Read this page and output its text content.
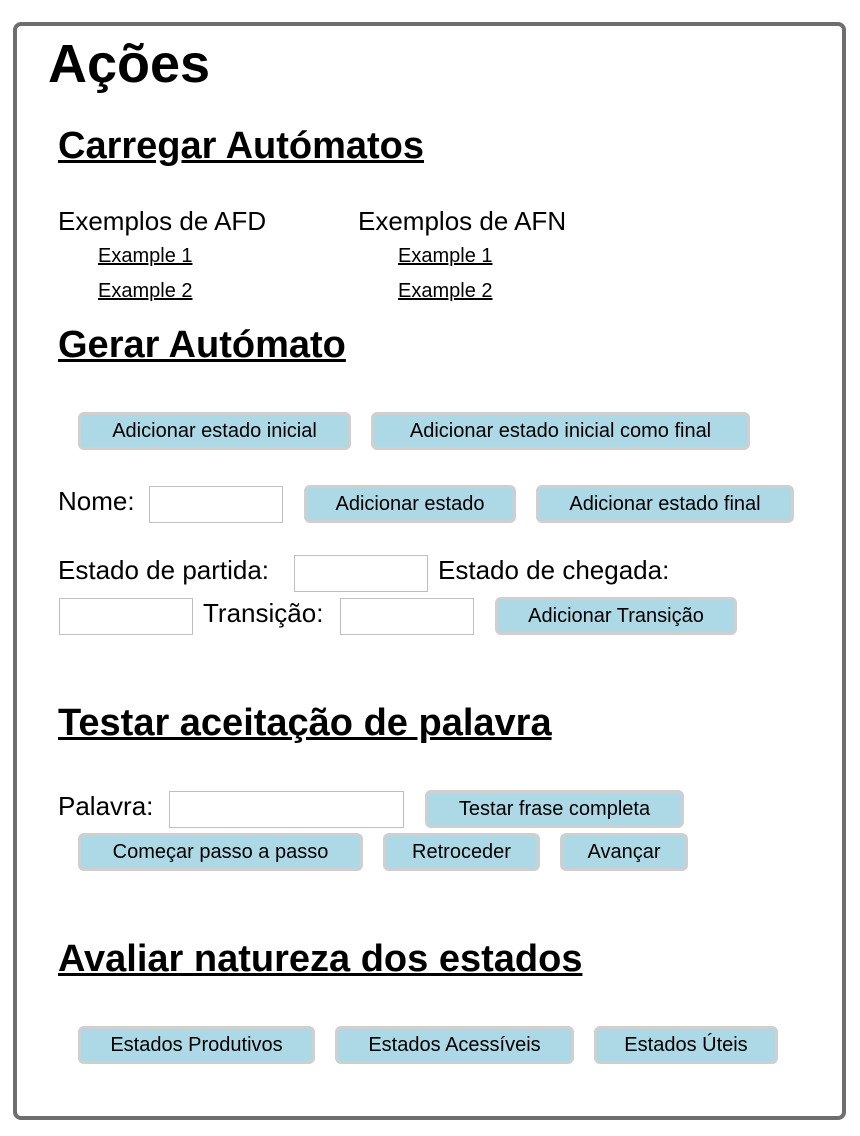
Ações
Carregar Autómatos
Exemplos de AFD
Example 1
Example 2
Exemplos de AFN
Example 1
Example 2
Gerar Autómato
Adicionar estado inicial	Adicionar estado inicial como final
Nome:	Adicionar estado	Adicionar estado final
Estado de partida:	Estado de chegada:
Transição:	Adicionar Transição
Testar aceitação de palavra
Palavra:	Testar frase completa
Começar passo a passo	Retroceder	Avançar
Avaliar natureza dos estados
Estados Produtivos	Estados Acessíveis	Estados Úteis
